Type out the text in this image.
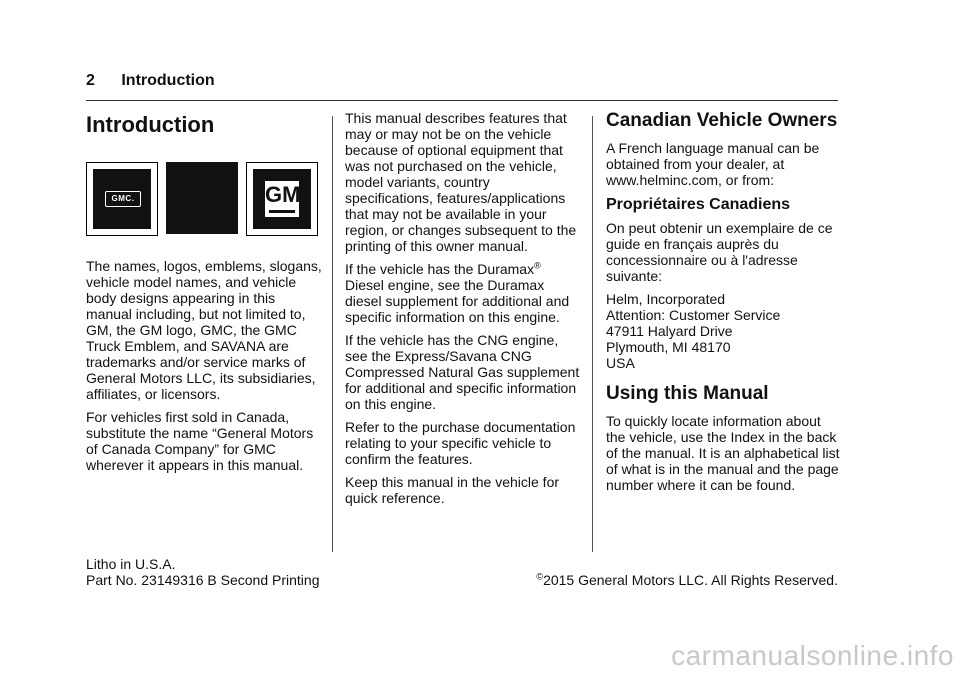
2 Introduction
Introduction
GMC.	GM

The names, logos, emblems, slogans, vehicle model names, and vehicle body designs appearing in this manual including, but not limited to, GM, the GM logo, GMC, the GMC Truck Emblem, and SAVANA are trademarks and/or service marks of General Motors LLC, its subsidiaries, affiliates, or licensors.

For vehicles first sold in Canada, substitute the name “General Motors of Canada Company” for GMC wherever it appears in this manual.

This manual describes features that may or may not be on the vehicle because of optional equipment that was not purchased on the vehicle, model variants, country specifications, features/applications that may not be available in your region, or changes subsequent to the printing of this owner manual.

If the vehicle has the Duramax® Diesel engine, see the Duramax diesel supplement for additional and specific information on this engine.

If the vehicle has the CNG engine, see the Express/Savana CNG Compressed Natural Gas supplement for additional and specific information on this engine.

Refer to the purchase documentation relating to your specific vehicle to confirm the features.

Keep this manual in the vehicle for quick reference.

Canadian Vehicle Owners

A French language manual can be obtained from your dealer, at www.helminc.com, or from:

Propriétaires Canadiens

On peut obtenir un exemplaire de ce guide en français auprès du concessionnaire ou à l'adresse suivante:

Helm, Incorporated
Attention: Customer Service
47911 Halyard Drive
Plymouth, MI 48170
USA

Using this Manual

To quickly locate information about the vehicle, use the Index in the back of the manual. It is an alphabetical list of what is in the manual and the page number where it can be found.

Litho in U.S.A.
Part No. 23149316 B Second Printing	©2015 General Motors LLC. All Rights Reserved.
carmanualsonline.info
